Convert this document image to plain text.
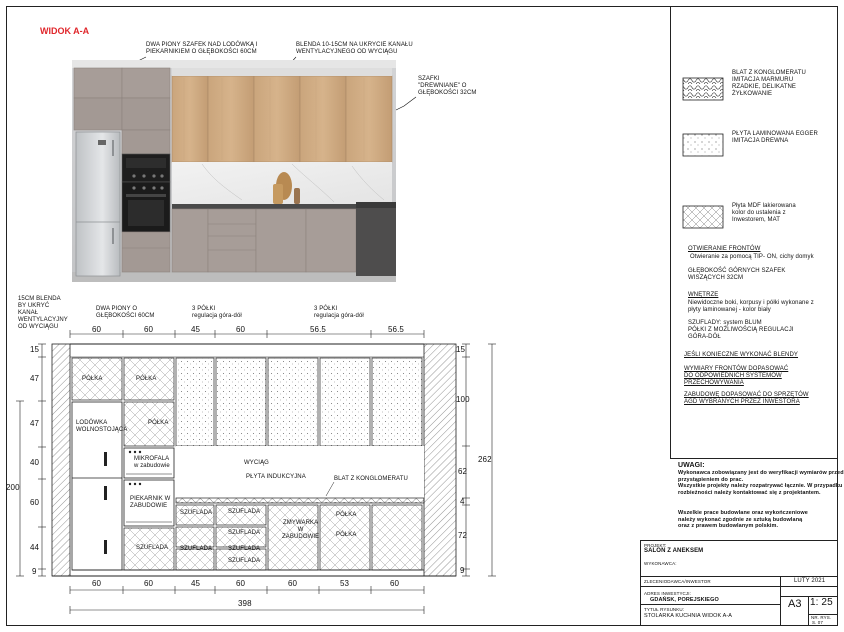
WIDOK A-A
DWA PIONY SZAFEK NAD LODÓWKĄ I
PIEKARNIKIEM O GŁĘBOKOŚCI 60CM
BLENDA 10-15CM NA UKRYCIE KANAŁU
WENTYLACYJNEGO OD WYCIĄGU
SZAFKI
"DREWNIANE" O
GŁĘBOKOŚCI 32CM
15CM BLENDA
BY UKRYĆ
KANAŁ
WENTYLACYJNY
OD WYCIĄGU
DWA PIONY O
GŁĘBOKOŚCI 60CM
3 PÓŁKI
regulacja góra-dół
3 PÓŁKI
regulacja góra-dół
60	60	45	60	56.5	56.5
60	60	45	60	60	53	60
398
15
47
47
40
60
44
9
200
15
100
62
4
72
9
262
PÓŁKA	PÓŁKA
PÓŁKA
LODÓWKA
WOLNOSTOJĄCA
MIKROFALA
w zabudowie
PIEKARNIK W
ZABUDOWIE
SZUFLADA
SZUFLADA
SZUFLADA
SZUFLADA
SZUFLADA
SZUFLADA
SZUFLADA
ZMYWARKA
W
ZABUDOWIE
PÓŁKA
PÓŁKA
WYCIĄG
PŁYTA INDUKCYJNA	BLAT Z KONGLOMERATU
BLAT Z KONGLOMERATU
IMITACJA MARMURU
RZADKIE, DELIKATNE
ŻYŁKOWANIE
PŁYTA LAMINOWANA EGGER
IMITACJA DREWNA
Płyta MDF lakierowana
kolor do ustalenia z
Inwestorem, MAT
OTWIERANIE FRONTÓW
Otwieranie za pomocą TIP- ON, cichy domyk
GŁĘBOKOŚĆ GÓRNYCH SZAFEK
WISZĄCYCH 32CM
WNĘTRZE
Niewidoczne boki, korpusy i półki wykonane z
płyty laminowanej - kolor biały
SZUFLADY: system BLUM
PÓŁKI Z MOŻLIWOŚCIĄ REGULACJI
GÓRA-DÓŁ
JEŚLI KONIECZNE WYKONAĆ BLENDY
WYMIARY FRONTÓW DOPASOWAĆ
DO ODPOWIEDNICH SYSTEMÓW
PRZECHOWYWANIA
ZABUDOWĘ DOPASOWAĆ DO SPRZĘTÓW
AGD WYBRANYCH PRZEZ INWESTORA
UWAGI:
Wykonawca zobowiązany jest do weryfikacji wymiarów przed
przystąpieniem do prac.
Wszystkie projekty należy rozpatrywać łącznie. W przypadku
rozbieżności należy kontaktować się z projektantem.
Wszelkie prace budowlane oraz wykończeniowe
należy wykonać zgodnie ze sztuką budowlaną
oraz z prawem budowlanym polskim.
PROJEKT:
SALON Z ANEKSEM
WYKONAWCA:
ZLECENIODAWCA/INWESTOR	LUTY 2021
ADRES INWESTYCJI:
GDAŃSK, POREJSKIEGO
TYTUŁ RYSUNKU:
STOLARKA KUCHNIA WIDOK A-A
A3 1: 25
NR. RYS.
S. 07
